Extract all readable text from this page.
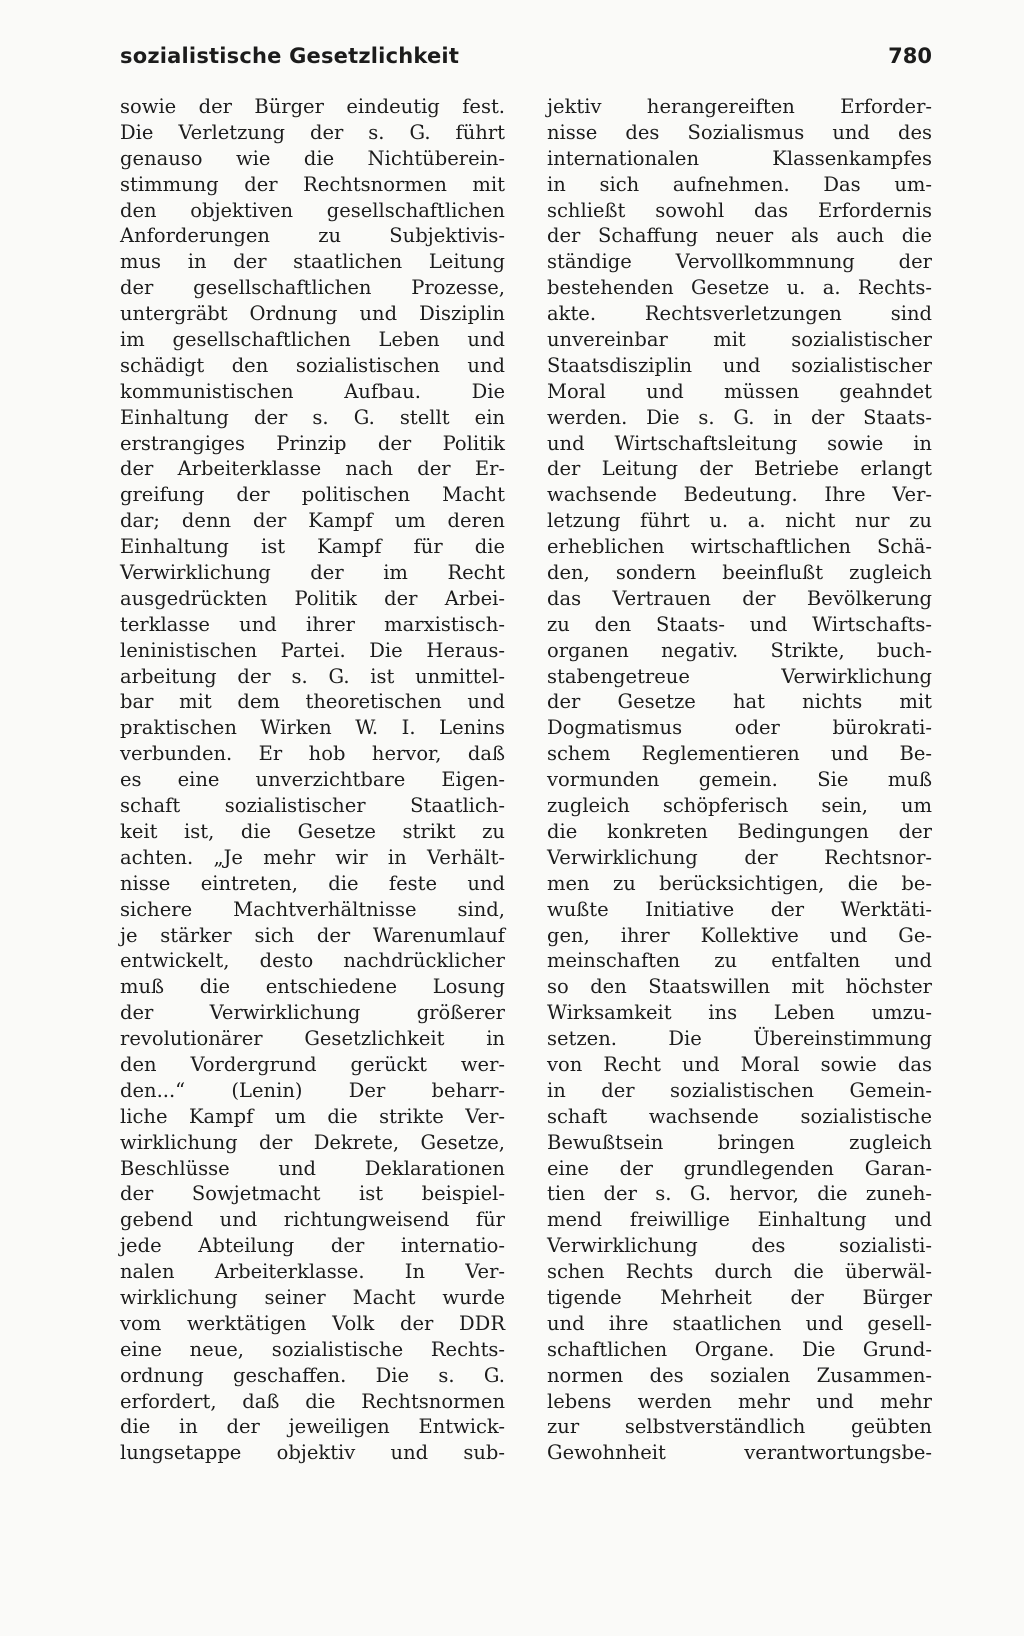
sozialistische Gesetzlichkeit	780
sowie der Bürger eindeutig fest.
Die Verletzung der s. G. führt
genauso wie die Nichtüberein-
stimmung der Rechtsnormen mit
den objektiven gesellschaftlichen
Anforderungen zu Subjektivis-
mus in der staatlichen Leitung
der gesellschaftlichen Prozesse,
untergräbt Ordnung und Disziplin
im gesellschaftlichen Leben und
schädigt den sozialistischen und
kommunistischen Aufbau. Die
Einhaltung der s. G. stellt ein
erstrangiges Prinzip der Politik
der Arbeiterklasse nach der Er-
greifung der politischen Macht
dar; denn der Kampf um deren
Einhaltung ist Kampf für die
Verwirklichung der im Recht
ausgedrückten Politik der Arbei-
terklasse und ihrer marxistisch-
leninistischen Partei. Die Heraus-
arbeitung der s. G. ist unmittel-
bar mit dem theoretischen und
praktischen Wirken W. I. Lenins
verbunden. Er hob hervor, daß
es eine unverzichtbare Eigen-
schaft sozialistischer Staatlich-
keit ist, die Gesetze strikt zu
achten. „Je mehr wir in Verhält-
nisse eintreten, die feste und
sichere Machtverhältnisse sind,
je stärker sich der Warenumlauf
entwickelt, desto nachdrücklicher
muß die entschiedene Losung
der Verwirklichung größerer
revolutionärer Gesetzlichkeit in
den Vordergrund gerückt wer-
den...“ (Lenin) Der beharr-
liche Kampf um die strikte Ver-
wirklichung der Dekrete, Gesetze,
Beschlüsse und Deklarationen
der Sowjetmacht ist beispiel-
gebend und richtungweisend für
jede Abteilung der internatio-
nalen Arbeiterklasse. In Ver-
wirklichung seiner Macht wurde
vom werktätigen Volk der DDR
eine neue, sozialistische Rechts-
ordnung geschaffen. Die s. G.
erfordert, daß die Rechtsnormen
die in der jeweiligen Entwick-
lungsetappe objektiv und sub-
jektiv herangereiften Erforder-
nisse des Sozialismus und des
internationalen Klassenkampfes
in sich aufnehmen. Das um-
schließt sowohl das Erfordernis
der Schaffung neuer als auch die
ständige Vervollkommnung der
bestehenden Gesetze u. a. Rechts-
akte. Rechtsverletzungen sind
unvereinbar mit sozialistischer
Staatsdisziplin und sozialistischer
Moral und müssen geahndet
werden. Die s. G. in der Staats-
und Wirtschaftsleitung sowie in
der Leitung der Betriebe erlangt
wachsende Bedeutung. Ihre Ver-
letzung führt u. a. nicht nur zu
erheblichen wirtschaftlichen Schä-
den, sondern beeinflußt zugleich
das Vertrauen der Bevölkerung
zu den Staats- und Wirtschafts-
organen negativ. Strikte, buch-
stabengetreue Verwirklichung
der Gesetze hat nichts mit
Dogmatismus oder bürokrati-
schem Reglementieren und Be-
vormunden gemein. Sie muß
zugleich schöpferisch sein, um
die konkreten Bedingungen der
Verwirklichung der Rechtsnor-
men zu berücksichtigen, die be-
wußte Initiative der Werktäti-
gen, ihrer Kollektive und Ge-
meinschaften zu entfalten und
so den Staatswillen mit höchster
Wirksamkeit ins Leben umzu-
setzen. Die Übereinstimmung
von Recht und Moral sowie das
in der sozialistischen Gemein-
schaft wachsende sozialistische
Bewußtsein bringen zugleich
eine der grundlegenden Garan-
tien der s. G. hervor, die zuneh-
mend freiwillige Einhaltung und
Verwirklichung des sozialisti-
schen Rechts durch die überwäl-
tigende Mehrheit der Bürger
und ihre staatlichen und gesell-
schaftlichen Organe. Die Grund-
normen des sozialen Zusammen-
lebens werden mehr und mehr
zur selbstverständlich geübten
Gewohnheit verantwortungsbe-
